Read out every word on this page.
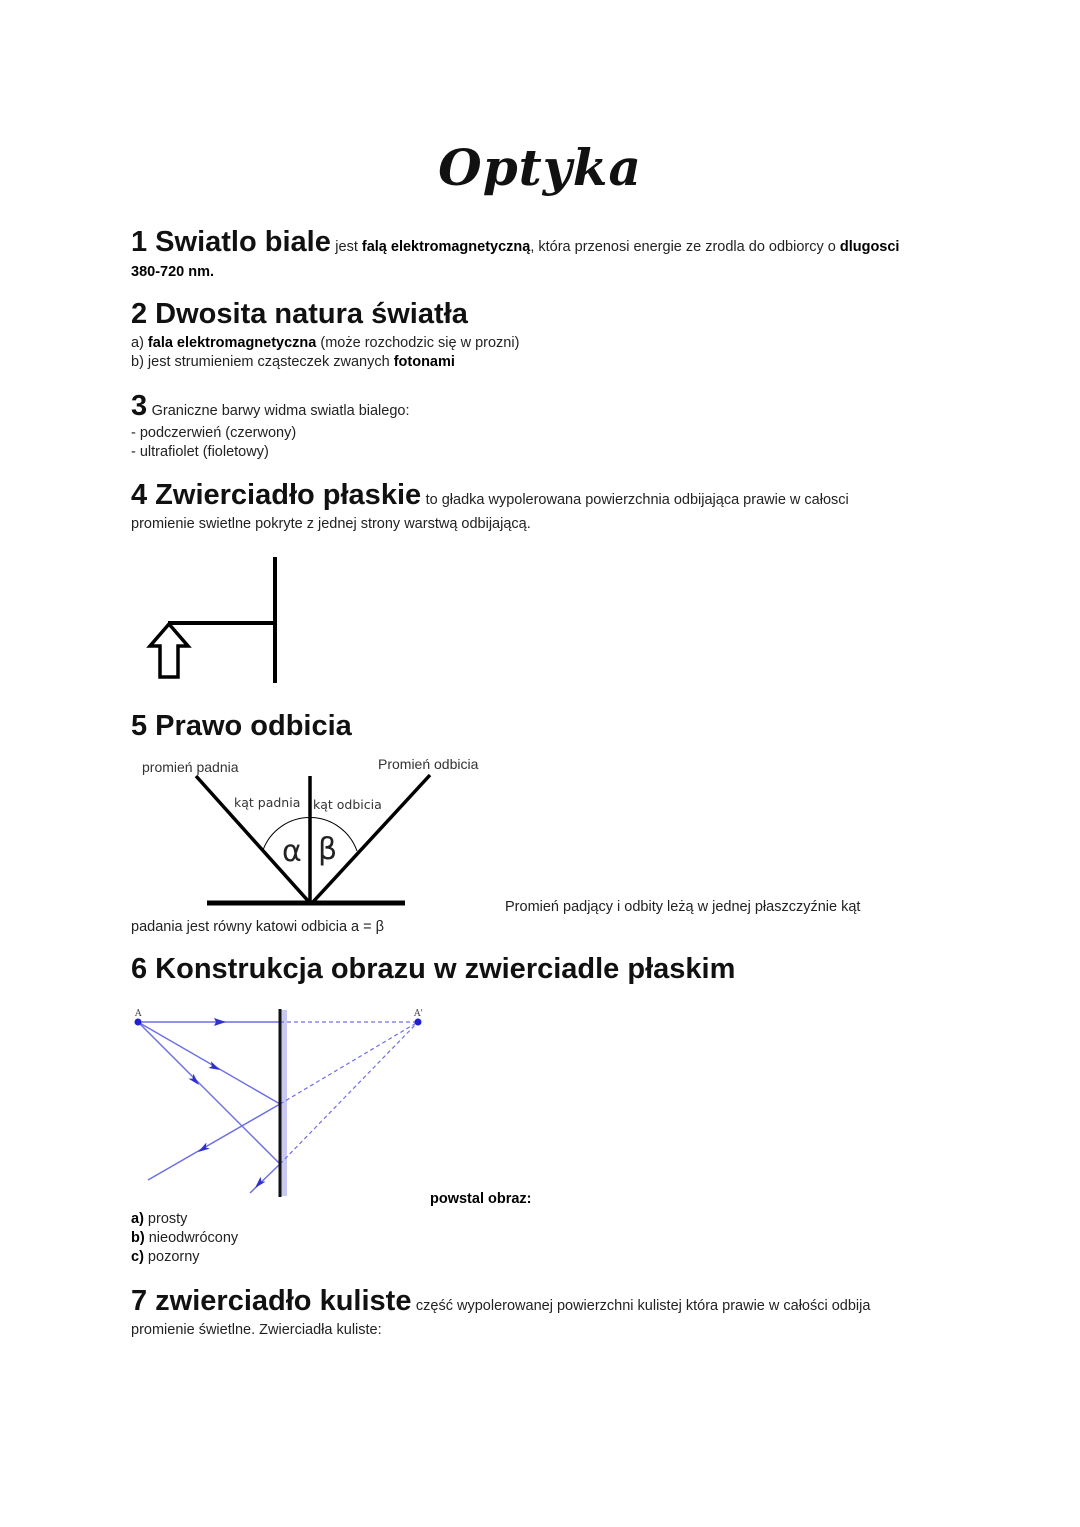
Optyka
1 Swiatlo biale jest falą elektromagnetyczną, która przenosi energie ze zrodla do odbiorcy o dlugosci
380-720 nm.
2 Dwosita natura światła
a) fala elektromagnetyczna (może rozchodzic się w prozni)
b) jest strumieniem cząsteczek zwanych fotonami
3 Graniczne barwy widma swiatla bialego:
- podczerwień (czerwony)
- ultrafiolet (fioletowy)
4 Zwierciadło płaskie to gładka wypolerowana powierzchnia odbijająca prawie w całosci
promienie swietlne pokryte z jednej strony warstwą odbijającą.
5 Prawo odbicia
promień padnia	Promień odbicia
kąt padnia kąt odbicia
α β
Promień padjący i odbity leżą w jednej płaszczyźnie kąt
padania jest równy katowi odbicia a = β
6 Konstrukcja obrazu w zwierciadle płaskim
A	A'
powstal obraz:
a) prosty
b) nieodwrócony
c) pozorny
7 zwierciadło kuliste część wypolerowanej powierzchni kulistej która prawie w całości odbija
promienie świetlne. Zwierciadła kuliste:
